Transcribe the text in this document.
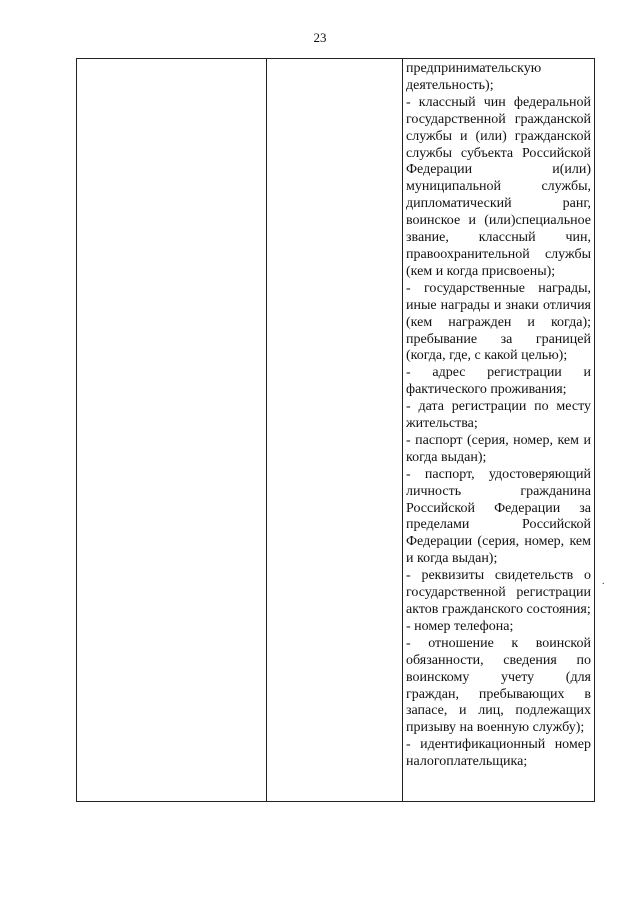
23

предпринимательскую деятельность);

- классный чин федеральной государственной гражданской службы и (или) гражданской службы субъекта Российской Федерации и(или) муниципальной службы, дипломатический ранг, воинское и (или)специальное звание, классный чин, правоохранительной службы (кем и когда присвоены);

- государственные награды, иные награды и знаки отличия (кем награжден и когда); пребывание за границей (когда, где, с какой целью);

- адрес регистрации и фактического проживания;

- дата регистрации по месту жительства;

- паспорт (серия, номер, кем и когда выдан);

- паспорт, удостоверяющий личность гражданина Российской Федерации за пределами Российской Федерации (серия, номер, кем и когда выдан);

- реквизиты свидетельств о государственной регистрации актов гражданского состояния;

- номер телефона;

- отношение к воинской обязанности, сведения по воинскому учету (для граждан, пребывающих в запасе, и лиц, подлежащих призыву на военную службу);

- идентификационный номер налогоплательщика;

.
